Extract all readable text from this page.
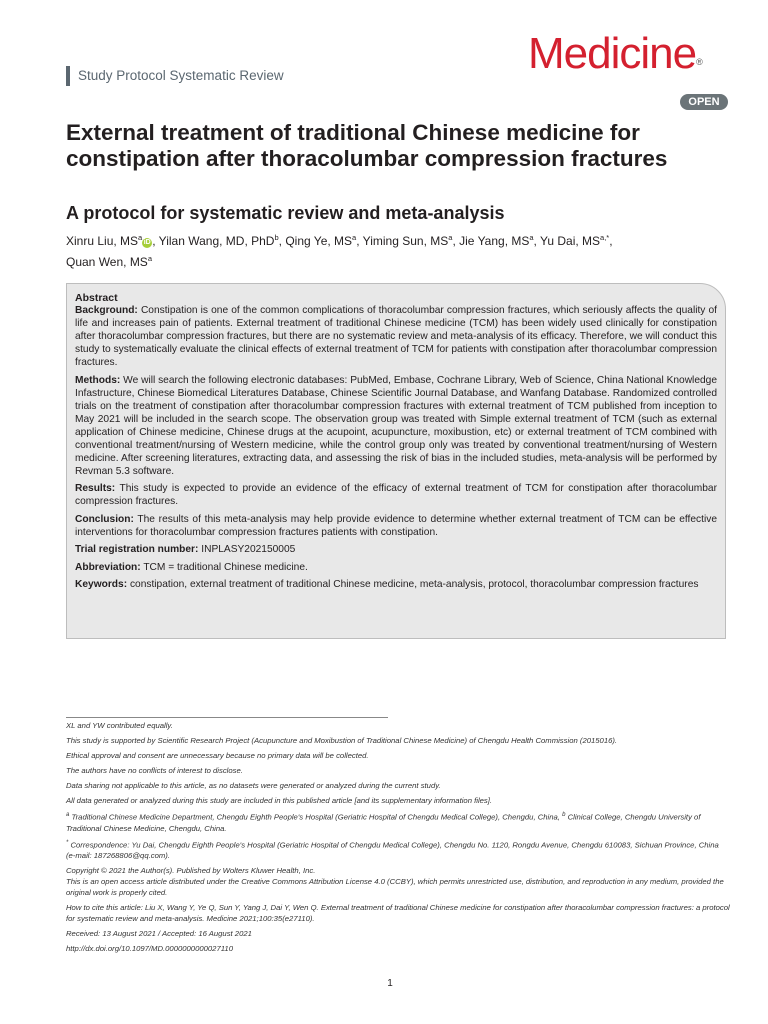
Study Protocol Systematic Review	Medicine®
OPEN
External treatment of traditional Chinese medicine for constipation after thoracolumbar compression fractures
A protocol for systematic review and meta-analysis
Xinru Liu, $MS^aiD$ , Yilan Wang, MD, PhD$^b$, Qing Ye, $MS^a$, Yiming Sun, $MS^a$, Jie Yang, $MS^a$, Yu Dai, $MS^{a,*}$,
Quan Wen, $MS^a$

Abstract

Background: Constipation is one of the common complications of thoracolumbar compression fractures, which seriously affects the quality of life and increases pain of patients. External treatment of traditional Chinese medicine (TCM) has been widely used clinically for constipation after thoracolumbar compression fractures, but there are no systematic review and meta-analysis of its efficacy. Therefore, we will conduct this study to systematically evaluate the clinical effects of external treatment of TCM for patients with constipation after thoracolumbar compression fractures.

Methods: We will search the following electronic databases: PubMed, Embase, Cochrane Library, Web of Science, China National Knowledge Infastructure, Chinese Biomedical Literatures Database, Chinese Scientific Journal Database, and Wanfang Database. Randomized controlled trials on the treatment of constipation after thoracolumbar compression fractures with external treatment of TCM published from inception to May 2021 will be included in the search scope. The observation group was treated with Simple external treatment of TCM (such as external application of Chinese medicine, Chinese drugs at the acupoint, acupuncture, moxibustion, etc) or external treatment of TCM combined with conventional treatment/nursing of Western medicine, while the control group only was treated by conventional treatment/nursing of Western medicine. After screening literatures, extracting data, and assessing the risk of bias in the included studies, meta-analysis will be performed by Revman 5.3 software.

Results: This study is expected to provide an evidence of the efficacy of external treatment of TCM for constipation after thoracolumbar compression fractures.

Conclusion: The results of this meta-analysis may help provide evidence to determine whether external treatment of TCM can be effective interventions for thoracolumbar compression fractures patients with constipation.

Trial registration number: INPLASY202150005

Abbreviation: TCM = traditional Chinese medicine.

Keywords: constipation, external treatment of traditional Chinese medicine, meta-analysis, protocol, thoracolumbar compression fractures

XL and YW contributed equally.

This study is supported by Scientific Research Project (Acupuncture and Moxibustion of Traditional Chinese Medicine) of Chengdu Health Commission (2015016).

Ethical approval and consent are unnecessary because no primary data will be collected.

The authors have no conflicts of interest to disclose.

Data sharing not applicable to this article, as no datasets were generated or analyzed during the current study.

All data generated or analyzed during this study are included in this published article [and its supplementary information files].

$^a$ Traditional Chinese Medicine Department, Chengdu Eighth People's Hospital (Geriatric Hospital of Chengdu Medical College), Chengdu, China, $^b$ Clinical College, Chengdu University of Traditional Chinese Medicine, Chengdu, China.

* Correspondence: Yu Dai, Chengdu Eighth People's Hospital (Geriatric Hospital of Chengdu Medical College), Chengdu No. 1120, Rongdu Avenue, Chengdu 610083, Sichuan Province, China (e-mail: 187268806@qq.com).

Copyright © 2021 the Author(s). Published by Wolters Kluwer Health, Inc.

This is an open access article distributed under the Creative Commons Attribution License 4.0 (CCBY), which permits unrestricted use, distribution, and reproduction in any medium, provided the original work is properly cited.

How to cite this article: Liu X, Wang Y, Ye Q, Sun Y, Yang J, Dai Y, Wen Q. External treatment of traditional Chinese medicine for constipation after thoracolumbar compression fractures: a protocol for systematic review and meta-analysis. Medicine 2021;100:35(e27110).

Received: 13 August 2021 / Accepted: 16 August 2021

http://dx.doi.org/10.1097/MD.0000000000027110

1
